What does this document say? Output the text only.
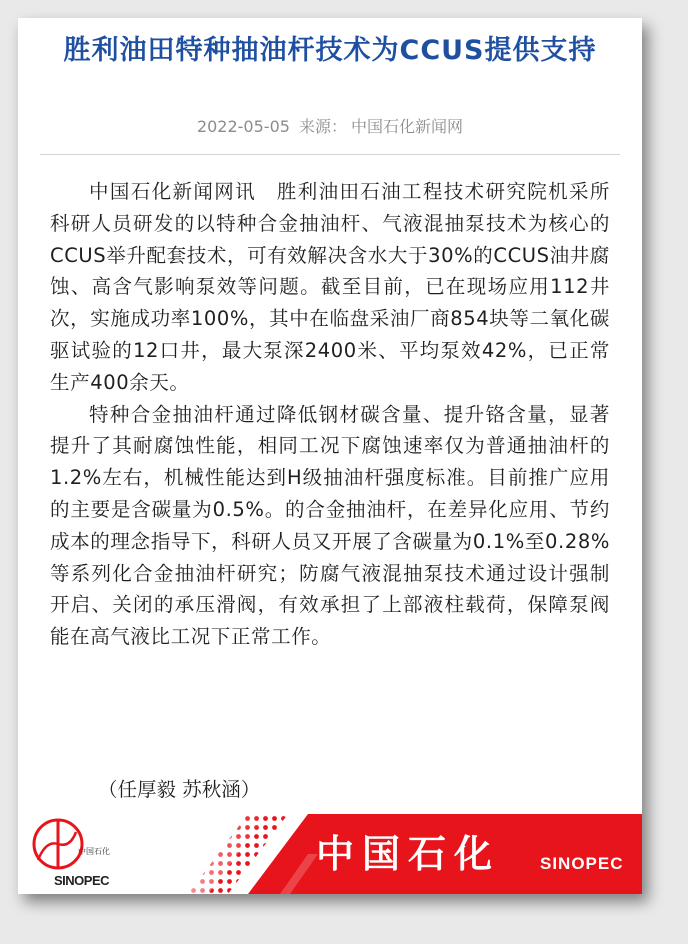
胜利油田特种抽油杆技术为CCUS提供支持
2022-05-05 来源： 中国石化新闻网

中国石化新闻网讯　胜利油田石油工程技术研究院机采所科研人员研发的以特种合金抽油杆、气液混抽泵技术为核心的CCUS举升配套技术，可有效解决含水大于30%的CCUS油井腐蚀、高含气影响泵效等问题。截至目前，已在现场应用112井次，实施成功率100%，其中在临盘采油厂商854块等二氧化碳驱试验的12口井，最大泵深2400米、平均泵效42%，已正常生产400余天。

特种合金抽油杆通过降低钢材碳含量、提升铬含量，显著提升了其耐腐蚀性能，相同工况下腐蚀速率仅为普通抽油杆的1.2%左右，机械性能达到H级抽油杆强度标准。目前推广应用的主要是含碳量为0.5%。的合金抽油杆，在差异化应用、节约成本的理念指导下，科研人员又开展了含碳量为0.1%至0.28%等系列化合金抽油杆研究；防腐气液混抽泵技术通过设计强制开启、关闭的承压滑阀，有效承担了上部液柱载荷，保障泵阀能在高气液比工况下正常工作。

（任厚毅 苏秋涵）
中国石化
SINOPEC
中国石化 SINOPEC
